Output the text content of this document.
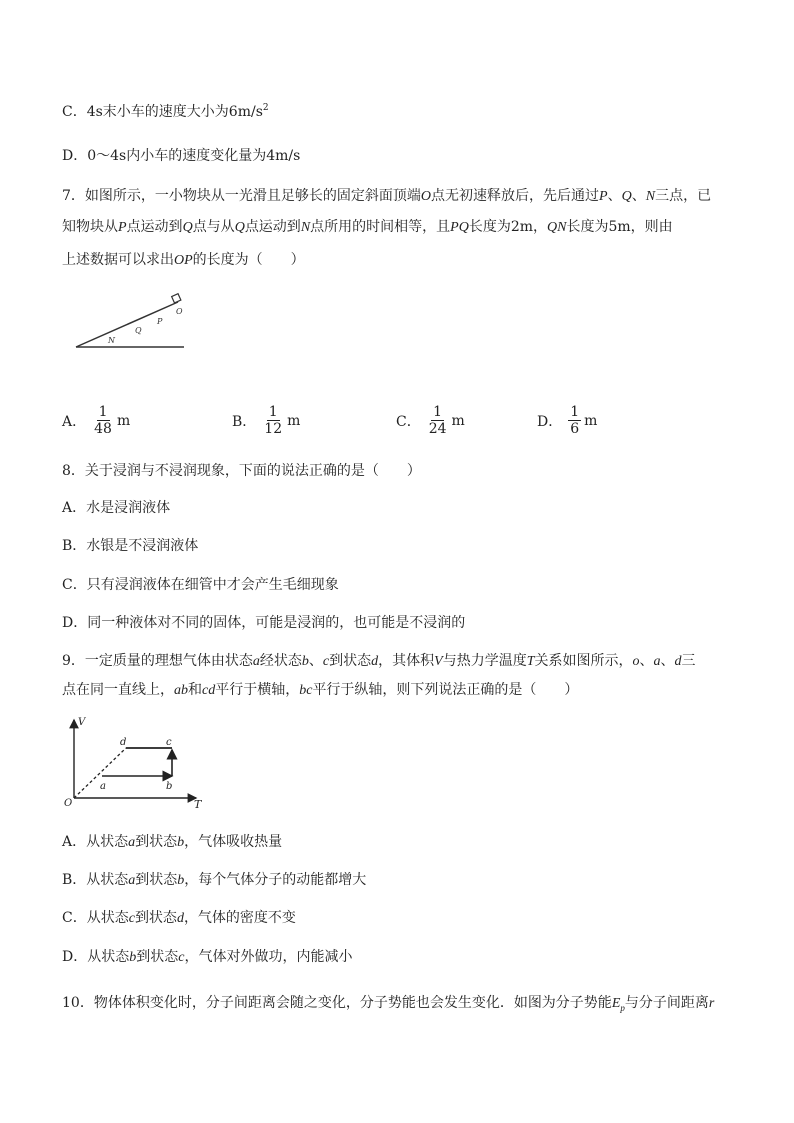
C．4s末小车的速度大小为$6m/s^2$
D．0～4s内小车的速度变化量为4m/s
7．如图所示，一小物块从一光滑且足够长的固定斜面顶端O点无初速释放后，先后通过P、Q、N三点，已
知物块从P点运动到Q点与从Q点运动到N点所用的时间相等，且PQ长度为2m，QN长度为5m，则由
上述数据可以求出OP的长度为（　　）
O
P
Q
N
A． $\frac{1}{48}$ m	B． $\frac{1}{12}$ m	C． $\frac{1}{24}$ m	D． $\frac{1}{6}$ m
8．关于浸润与不浸润现象，下面的说法正确的是（　　）
A．水是浸润液体
B．水银是不浸润液体
C．只有浸润液体在细管中才会产生毛细现象
D．同一种液体对不同的固体，可能是浸润的，也可能是不浸润的
9．一定质量的理想气体由状态a经状态b、c到状态d，其体积V与热力学温度T关系如图所示，o、a、d三
点在同一直线上，ab和cd平行于横轴，bc平行于纵轴，则下列说法正确的是（　　）
V
T
O
d	c
a	b
A．从状态a到状态b，气体吸收热量
B．从状态a到状态b，每个气体分子的动能都增大
C．从状态c到状态d，气体的密度不变
D．从状态b到状态c，气体对外做功，内能减小
10．物体体积变化时，分子间距离会随之变化，分子势能也会发生变化．如图为分子势能$E_p$与分子间距离r
